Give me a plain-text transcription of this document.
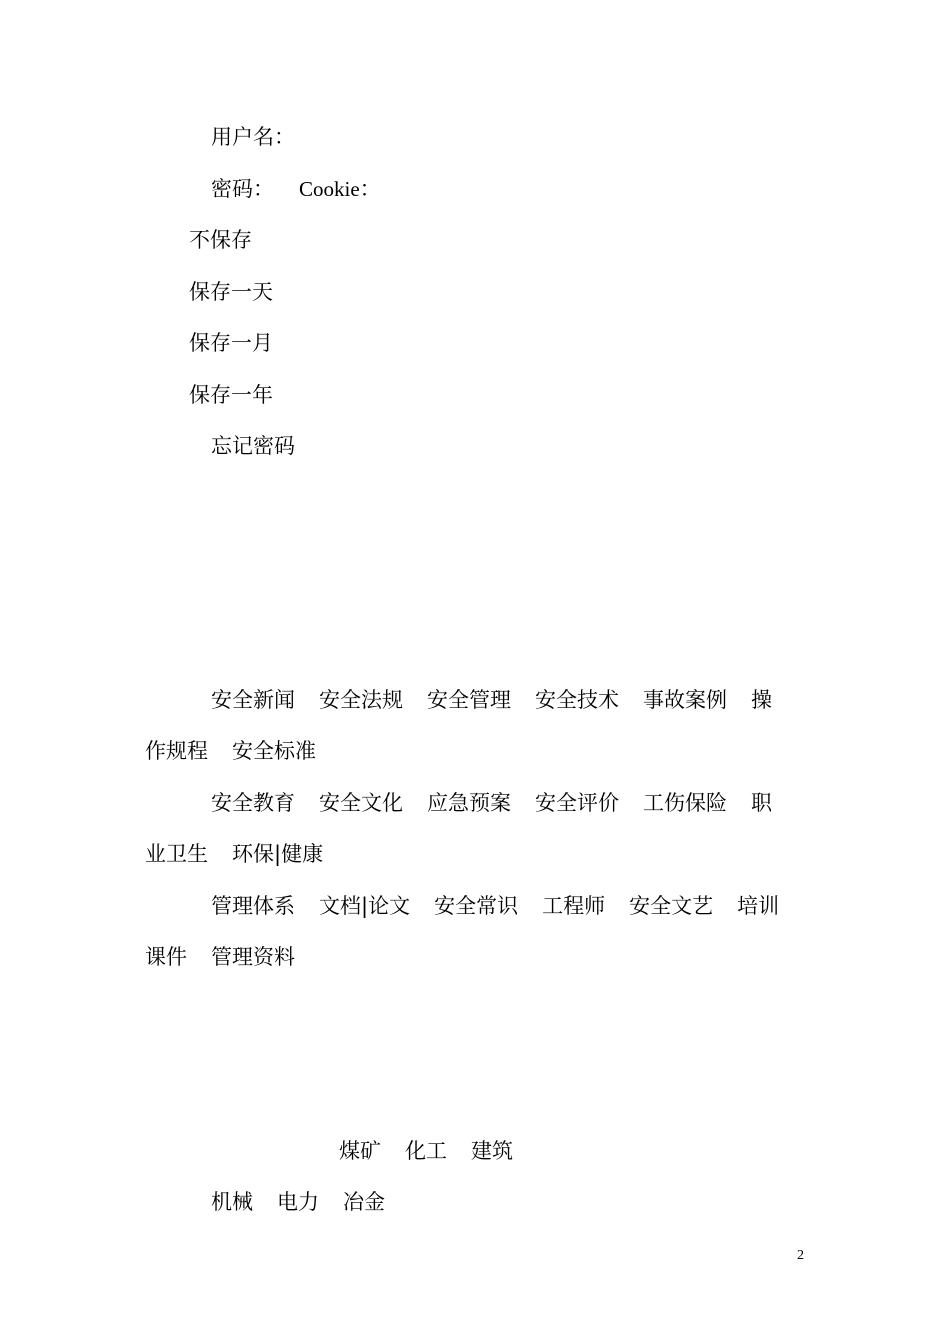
用户名：
密码： Cookie：
不保存
保存一天
保存一月
保存一年
忘记密码
安全新闻 安全法规 安全管理 安全技术 事故案例 操
作规程 安全标准
安全教育 安全文化 应急预案 安全评价 工伤保险 职
业卫生 环保|健康
管理体系 文档|论文 安全常识 工程师 安全文艺 培训
课件 管理资料
煤矿 化工 建筑
机械 电力 冶金
2
